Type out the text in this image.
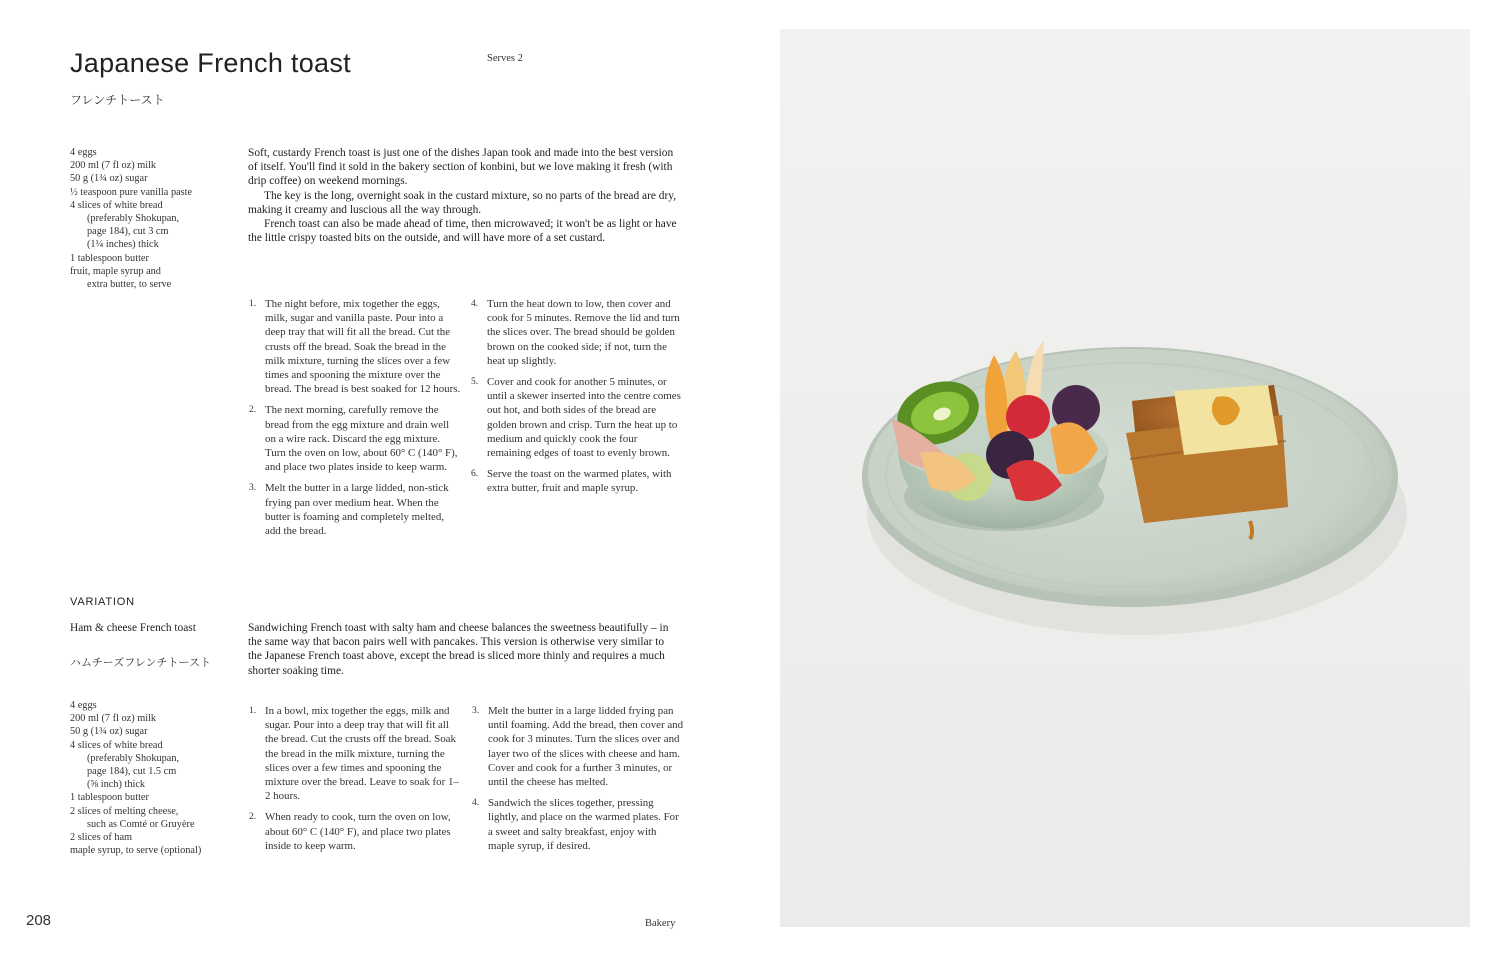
Japanese French toast
フレンチトースト
Serves 2
4 eggs
200 ml (7 fl oz) milk
50 g (1¾ oz) sugar
½ teaspoon pure vanilla paste
4 slices of white bread
(preferably Shokupan,
page 184), cut 3 cm
(1¼ inches) thick
1 tablespoon butter
fruit, maple syrup and
extra butter, to serve

Soft, custardy French toast is just one of the dishes Japan took and made into the best version of itself. You'll find it sold in the bakery section of konbini, but we love making it fresh (with drip coffee) on weekend mornings.

The key is the long, overnight soak in the custard mixture, so no parts of the bread are dry, making it creamy and luscious all the way through.

French toast can also be made ahead of time, then microwaved; it won't be as light or have the little crispy toasted bits on the outside, and will have more of a set custard.

1. The night before, mix together the eggs, milk, sugar and vanilla paste. Pour into a deep tray that will fit all the bread. Cut the crusts off the bread. Soak the bread in the milk mixture, turning the slices over a few times and spooning the mixture over the bread. The bread is best soaked for 12 hours.
2. The next morning, carefully remove the bread from the egg mixture and drain well on a wire rack. Discard the egg mixture. Turn the oven on low, about 60° C (140° F), and place two plates inside to keep warm.
3. Melt the butter in a large lidded, non-stick frying pan over medium heat. When the butter is foaming and completely melted, add the bread.
4. Turn the heat down to low, then cover and cook for 5 minutes. Remove the lid and turn the slices over. The bread should be golden brown on the cooked side; if not, turn the heat up slightly.
5. Cover and cook for another 5 minutes, or until a skewer inserted into the centre comes out hot, and both sides of the bread are golden brown and crisp. Turn the heat up to medium and quickly cook the four remaining edges of toast to evenly brown.
6. Serve the toast on the warmed plates, with extra butter, fruit and maple syrup.
VARIATION
Ham & cheese French toast
ハムチーズフレンチトースト
4 eggs
200 ml (7 fl oz) milk
50 g (1¾ oz) sugar
4 slices of white bread
(preferably Shokupan,
page 184), cut 1.5 cm
(⅝ inch) thick
1 tablespoon butter
2 slices of melting cheese,
such as Comté or Gruyère
2 slices of ham
maple syrup, to serve (optional)

Sandwiching French toast with salty ham and cheese balances the sweetness beautifully – in the same way that bacon pairs well with pancakes. This version is otherwise very similar to the Japanese French toast above, except the bread is sliced more thinly and requires a much shorter soaking time.

1. In a bowl, mix together the eggs, milk and sugar. Pour into a deep tray that will fit all the bread. Cut the crusts off the bread. Soak the bread in the milk mixture, turning the slices over a few times and spooning the mixture over the bread. Leave to soak for 1–2 hours.
2. When ready to cook, turn the oven on low, about 60° C (140° F), and place two plates inside to keep warm.
3. Melt the butter in a large lidded frying pan until foaming. Add the bread, then cover and cook for 3 minutes. Turn the slices over and layer two of the slices with cheese and ham. Cover and cook for a further 3 minutes, or until the cheese has melted.
4. Sandwich the slices together, pressing lightly, and place on the warmed plates. For a sweet and salty breakfast, enjoy with maple syrup, if desired.
208	Bakery
